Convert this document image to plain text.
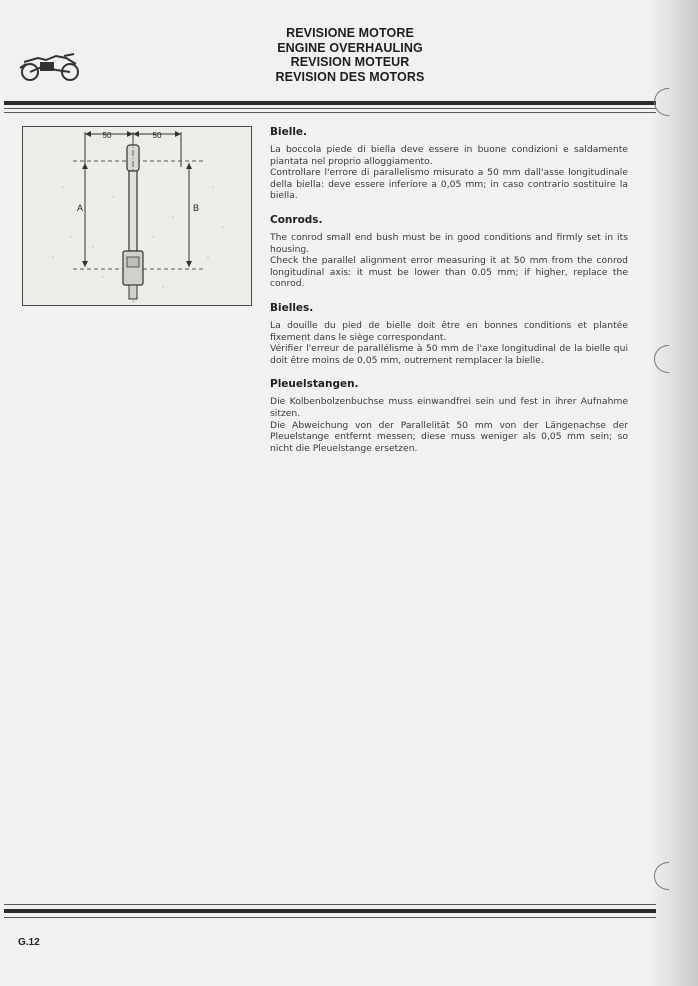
REVISIONE MOTORE
ENGINE OVERHAULING
REVISION MOTEUR
REVISION DES MOTORS
50	50
A	B
Bielle.

La boccola piede di biella deve essere in buone condizioni e saldamente piantata nel proprio alloggiamento.

Controllare l'errore di parallelismo misurato a 50 mm dall'asse longitudinale della biella: deve essere inferiore a 0,05 mm; in caso contrario sostituire la biella.

Conrods.

The conrod small end bush must be in good conditions and firmly set in its housing.

Check the parallel alignment error measuring it at 50 mm from the conrod longitudinal axis: it must be lower than 0.05 mm; if higher, replace the conrod.

Bielles.

La douille du pied de bielle doit être en bonnes conditions et plantée fixement dans le siège correspondant.

Vérifier l'erreur de parallélisme à 50 mm de l'axe longitudinal de la bielle qui doit être moins de 0,05 mm, outrement remplacer la bielle.

Pleuelstangen.

Die Kolbenbolzenbuchse muss einwandfrei sein und fest in ihrer Aufnahme sitzen.

Die Abweichung von der Parallelität 50 mm von der Längenachse der Pleuelstange entfernt messen; diese muss weniger als 0,05 mm sein; so nicht die Pleuelstange ersetzen.

G.12
